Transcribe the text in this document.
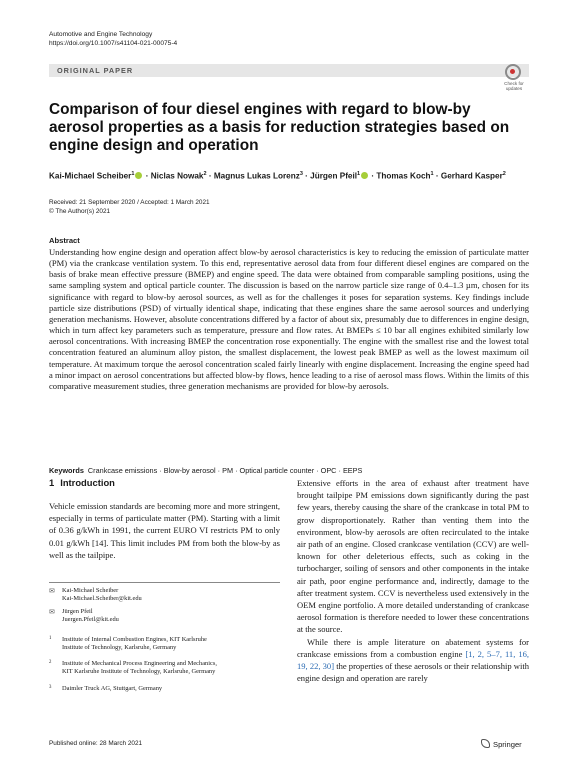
Automotive and Engine Technology
https://doi.org/10.1007/s41104-021-00075-4
ORIGINAL PAPER
Check for
updates
Comparison of four diesel engines with regard to blow-by aerosol properties as a basis for reduction strategies based on engine design and operation
Kai-Michael Scheiber$^1$ · Niclas Nowak$^2$ · Magnus Lukas Lorenz$^3$ · Jürgen Pfeil$^1$ · Thomas Koch$^1$ · Gerhard Kasper$^2$
Received: 21 September 2020 / Accepted: 1 March 2021
© The Author(s) 2021
Abstract
Understanding how engine design and operation affect blow-by aerosol characteristics is key to reducing the emission of particulate matter (PM) via the crankcase ventilation system. To this end, representative aerosol data from four different diesel engines are compared on the basis of brake mean effective pressure (BMEP) and engine speed. The data were obtained from comparable sampling positions, using the same sampling system and optical particle counter. The discussion is based on the narrow particle size range of 0.4–1.3 µm, chosen for its significance with regard to blow-by aerosol sources, as well as for the challenges it poses for separation systems. Key findings include particle size distributions (PSD) of virtually identical shape, indicating that these engines share the same aerosol sources and underlying generation mechanisms. However, absolute concentrations differed by a factor of about six, presumably due to differences in engine design, which in turn affect key parameters such as temperature, pressure and flow rates. At BMEPs ≤ 10 bar all engines exhibited similarly low aerosol concentrations. With increasing BMEP the concentration rose exponentially. The engine with the smallest rise and the lowest total concentration featured an aluminum alloy piston, the smallest displacement, the lowest peak BMEP as well as the lowest maximum oil temperature. At maximum torque the aerosol concentration scaled fairly linearly with engine displacement. Increasing the engine speed had a minor impact on aerosol concentrations but affected blow-by flows, hence leading to a rise of aerosol mass flows. Within the limits of this comparative measurement studies, three generation mechanisms are provided for blow-by aerosols.
Keywords Crankcase emissions · Blow-by aerosol · PM · Optical particle counter · OPC · EEPS
1 Introduction
Vehicle emission standards are becoming more and more stringent, especially in terms of particulate matter (PM). Starting with a limit of 0.36 g/kWh in 1991, the current EURO VI restricts PM to only 0.01 g/kWh [14]. This limit includes PM from both the blow-by as well as the tailpipe.
✉ Kai-Michael Scheiber
Kai-Michael.Scheiber@kit.edu
✉ Jürgen Pfeil
Juergen.Pfeil@kit.edu
1 Institute of Internal Combustion Engines, KIT Karlsruhe
Institute of Technology, Karlsruhe, Germany
2 Institute of Mechanical Process Engineering and Mechanics,
KIT Karlsruhe Institute of Technology, Karlsruhe, Germany
3 Daimler Truck AG, Stuttgart, Germany
Extensive efforts in the area of exhaust after treatment have brought tailpipe PM emissions down significantly during the past few years, thereby causing the share of the crankcase in total PM to grow disproportionately. Rather than venting them into the environment, blow-by aerosols are often recirculated to the intake air path of an engine. Closed crankcase ventilation (CCV) are well-known for other deleterious effects, such as coking in the turbocharger, soiling of sensors and other components in the intake air path, poor engine performance and, indirectly, damage to the after treatment system. CCV is nevertheless used extensively in the OEM engine portfolio. A more detailed understanding of crankcase aerosol formation is therefore needed to lower these concentrations at the source.
While there is ample literature on abatement systems for crankcase emissions from a combustion engine [1, 2, 5–7, 11, 16, 19, 22, 30] the properties of these aerosols or their relationship with engine design and operation are rarely
Published online: 28 March 2021	Springer
